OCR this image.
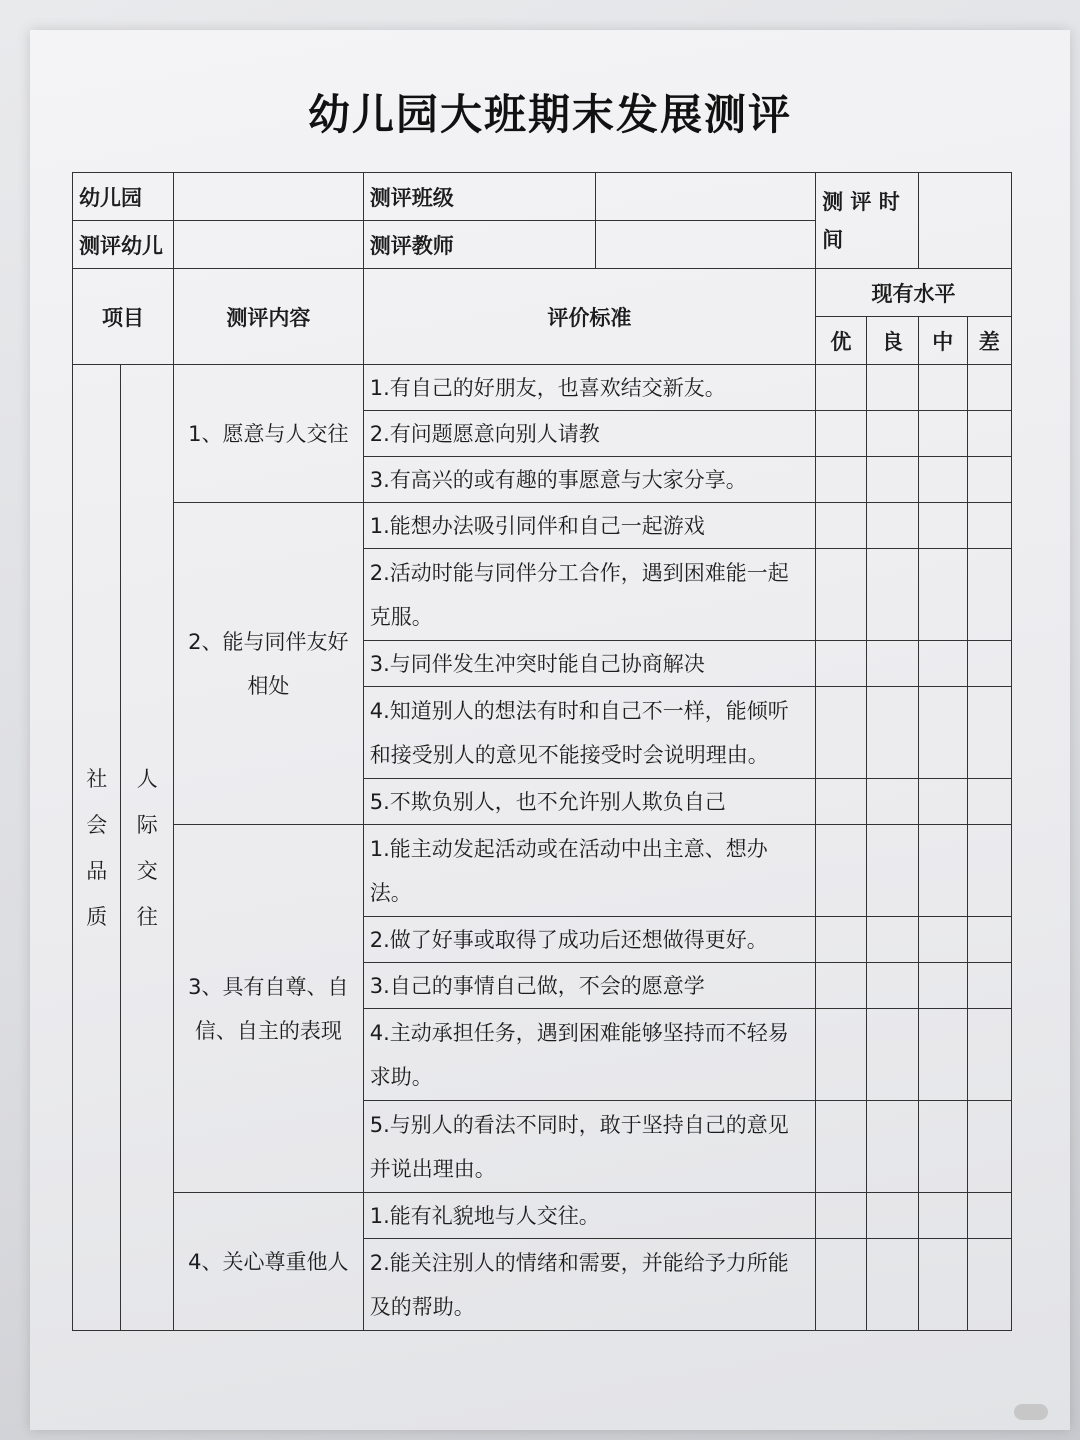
幼儿园大班期末发展测评
幼儿园			测评班级		测 评 时 间			
测评幼儿			测评教师					
项目		测评内容	评价标准		现有水平			
					优	良	中	差

社
会
品
质	人
际
交
往	1、愿意与人交往	1.有自己的好朋友，也喜欢结交新友。					
			2.有问题愿意向别人请教					
			3.有高兴的或有趣的事愿意与大家分享。					
		2、能与同伴友好相处	1.能想办法吸引同伴和自己一起游戏					
			2.活动时能与同伴分工合作，遇到困难能一起克服。					
			3.与同伴发生冲突时能自己协商解决					
			4.知道别人的想法有时和自己不一样，能倾听和接受别人的意见不能接受时会说明理由。					
			5.不欺负别人，也不允许别人欺负自己					
		3、具有自尊、自信、自主的表现	1.能主动发起活动或在活动中出主意、想办法。					
			2.做了好事或取得了成功后还想做得更好。					
			3.自己的事情自己做，不会的愿意学					
			4.主动承担任务，遇到困难能够坚持而不轻易求助。					
			5.与别人的看法不同时，敢于坚持自己的意见并说出理由。					
		4、关心尊重他人	1.能有礼貌地与人交往。					
			2.能关注别人的情绪和需要，并能给予力所能及的帮助。					
